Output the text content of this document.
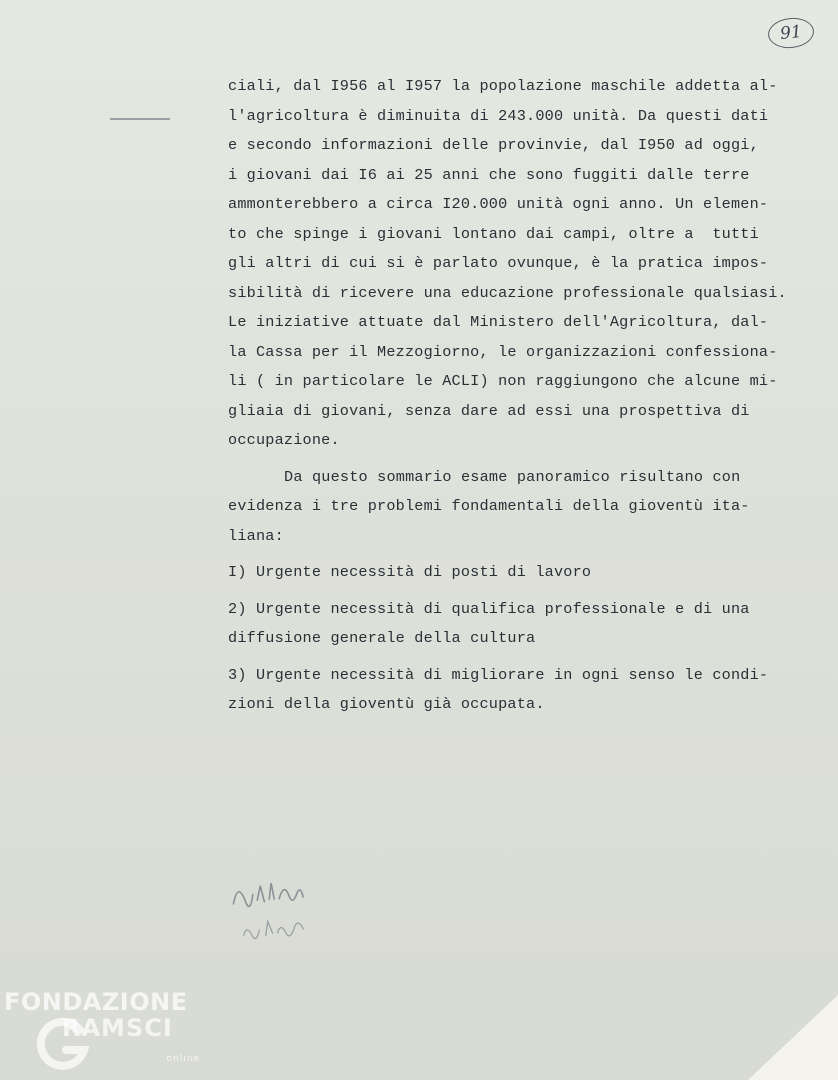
91
ciali, dal I956 al I957 la popolazione maschile addetta al-
l'agricoltura è diminuita di 243.000 unità. Da questi dati
e secondo informazioni delle provinvie, dal I950 ad oggi,
i giovani dai I6 ai 25 anni che sono fuggiti dalle terre
ammonterebbero a circa I20.000 unità ogni anno. Un elemen-
to che spinge i giovani lontano dai campi, oltre a  tutti
gli altri di cui si è parlato ovunque, è la pratica impos-
sibilità di ricevere una educazione professionale qualsiasi.
Le iniziative attuate dal Ministero dell'Agricoltura, dal-
la Cassa per il Mezzogiorno, le organizzazioni confessiona-
li ( in particolare le ACLI) non raggiungono che alcune mi-
gliaia di giovani, senza dare ad essi una prospettiva di
occupazione.
Da questo sommario esame panoramico risultano con
evidenza i tre problemi fondamentali della gioventù ita-
liana:
I) Urgente necessità di posti di lavoro
2) Urgente necessità di qualifica professionale e di una
diffusione generale della cultura
3) Urgente necessità di migliorare in ogni senso le condi-
zioni della gioventù già occupata.
FONDAZIONE
RAMSCI
online
